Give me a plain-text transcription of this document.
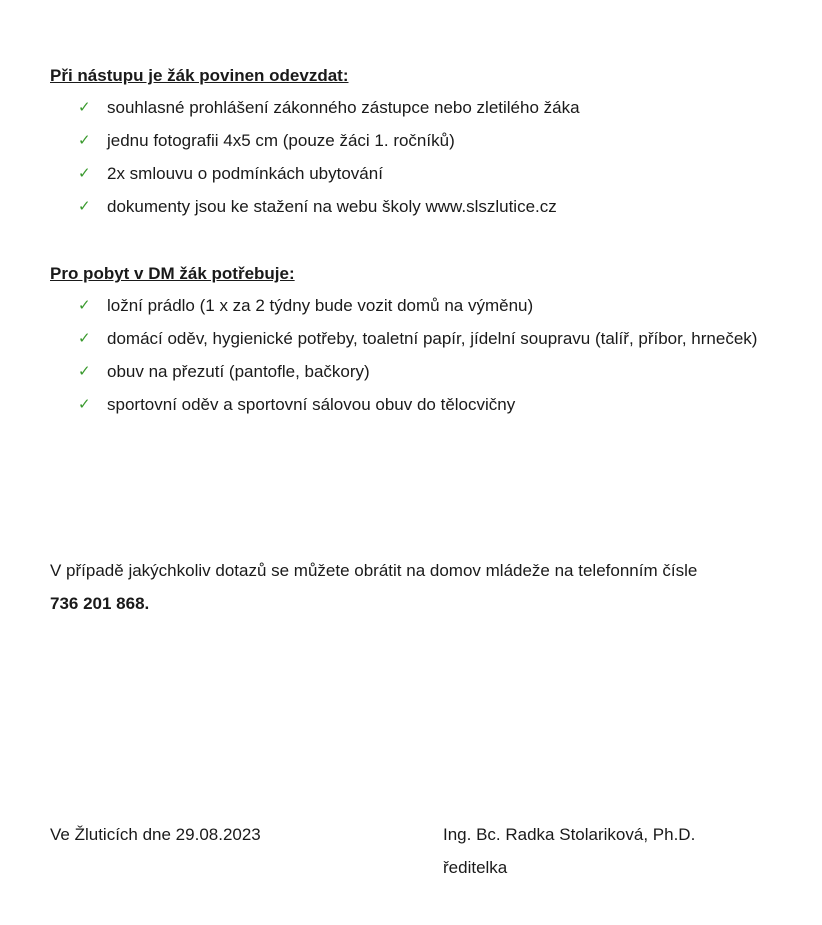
Při nástupu je žák povinen odevzdat:
✓ souhlasné prohlášení zákonného zástupce nebo zletilého žáka
✓ jednu fotografii 4x5 cm (pouze žáci 1. ročníků)
✓ 2x smlouvu o podmínkách ubytování
✓ dokumenty jsou ke stažení na webu školy www.slszlutice.cz
Pro pobyt v DM žák potřebuje:
✓ ložní prádlo (1 x za 2 týdny bude vozit domů na výměnu)
✓ domácí oděv, hygienické potřeby, toaletní papír, jídelní soupravu (talíř, příbor, hrneček)
✓ obuv na přezutí (pantofle, bačkory)
✓ sportovní oděv a sportovní sálovou obuv do tělocvičny

V případě jakýchkoliv dotazů se můžete obrátit na domov mládeže na telefonním čísle
736 201 868.

Ve Žluticích dne 29.08.2023	Ing. Bc. Radka Stolariková, Ph.D.
ředitelka
